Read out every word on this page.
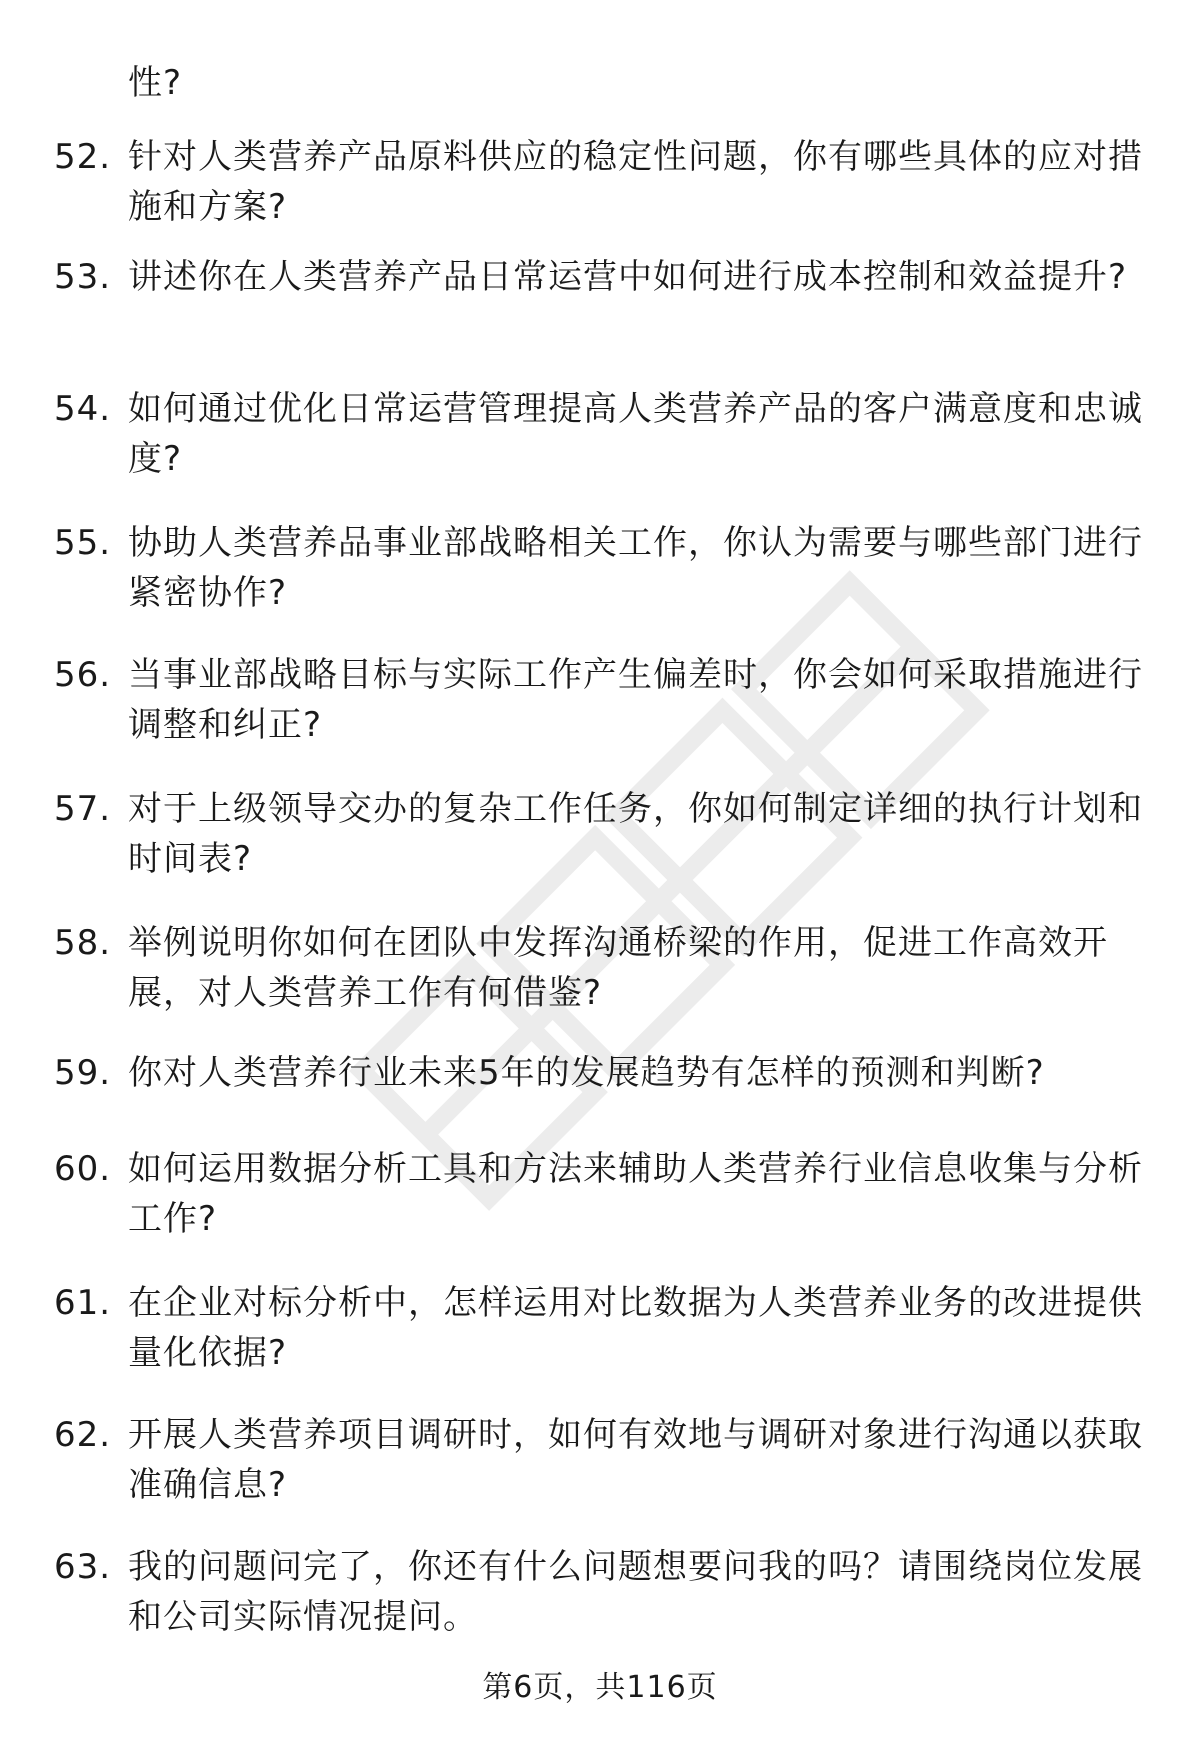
性?

52. 针对人类营养产品原料供应的稳定性问题，你有哪些具体的应对措施和方案?
53. 讲述你在人类营养产品日常运营中如何进行成本控制和效益提升?
54. 如何通过优化日常运营管理提高人类营养产品的客户满意度和忠诚度?
55. 协助人类营养品事业部战略相关工作，你认为需要与哪些部门进行紧密协作?
56. 当事业部战略目标与实际工作产生偏差时，你会如何采取措施进行调整和纠正?
57. 对于上级领导交办的复杂工作任务，你如何制定详细的执行计划和时间表?
58. 举例说明你如何在团队中发挥沟通桥梁的作用，促进工作高效开展，对人类营养工作有何借鉴?
59. 你对人类营养行业未来5年的发展趋势有怎样的预测和判断?
60. 如何运用数据分析工具和方法来辅助人类营养行业信息收集与分析工作?
61. 在企业对标分析中，怎样运用对比数据为人类营养业务的改进提供量化依据?
62. 开展人类营养项目调研时，如何有效地与调研对象进行沟通以获取准确信息?
63. 我的问题问完了，你还有什么问题想要问我的吗？请围绕岗位发展和公司实际情况提问。
第6页，共116页
